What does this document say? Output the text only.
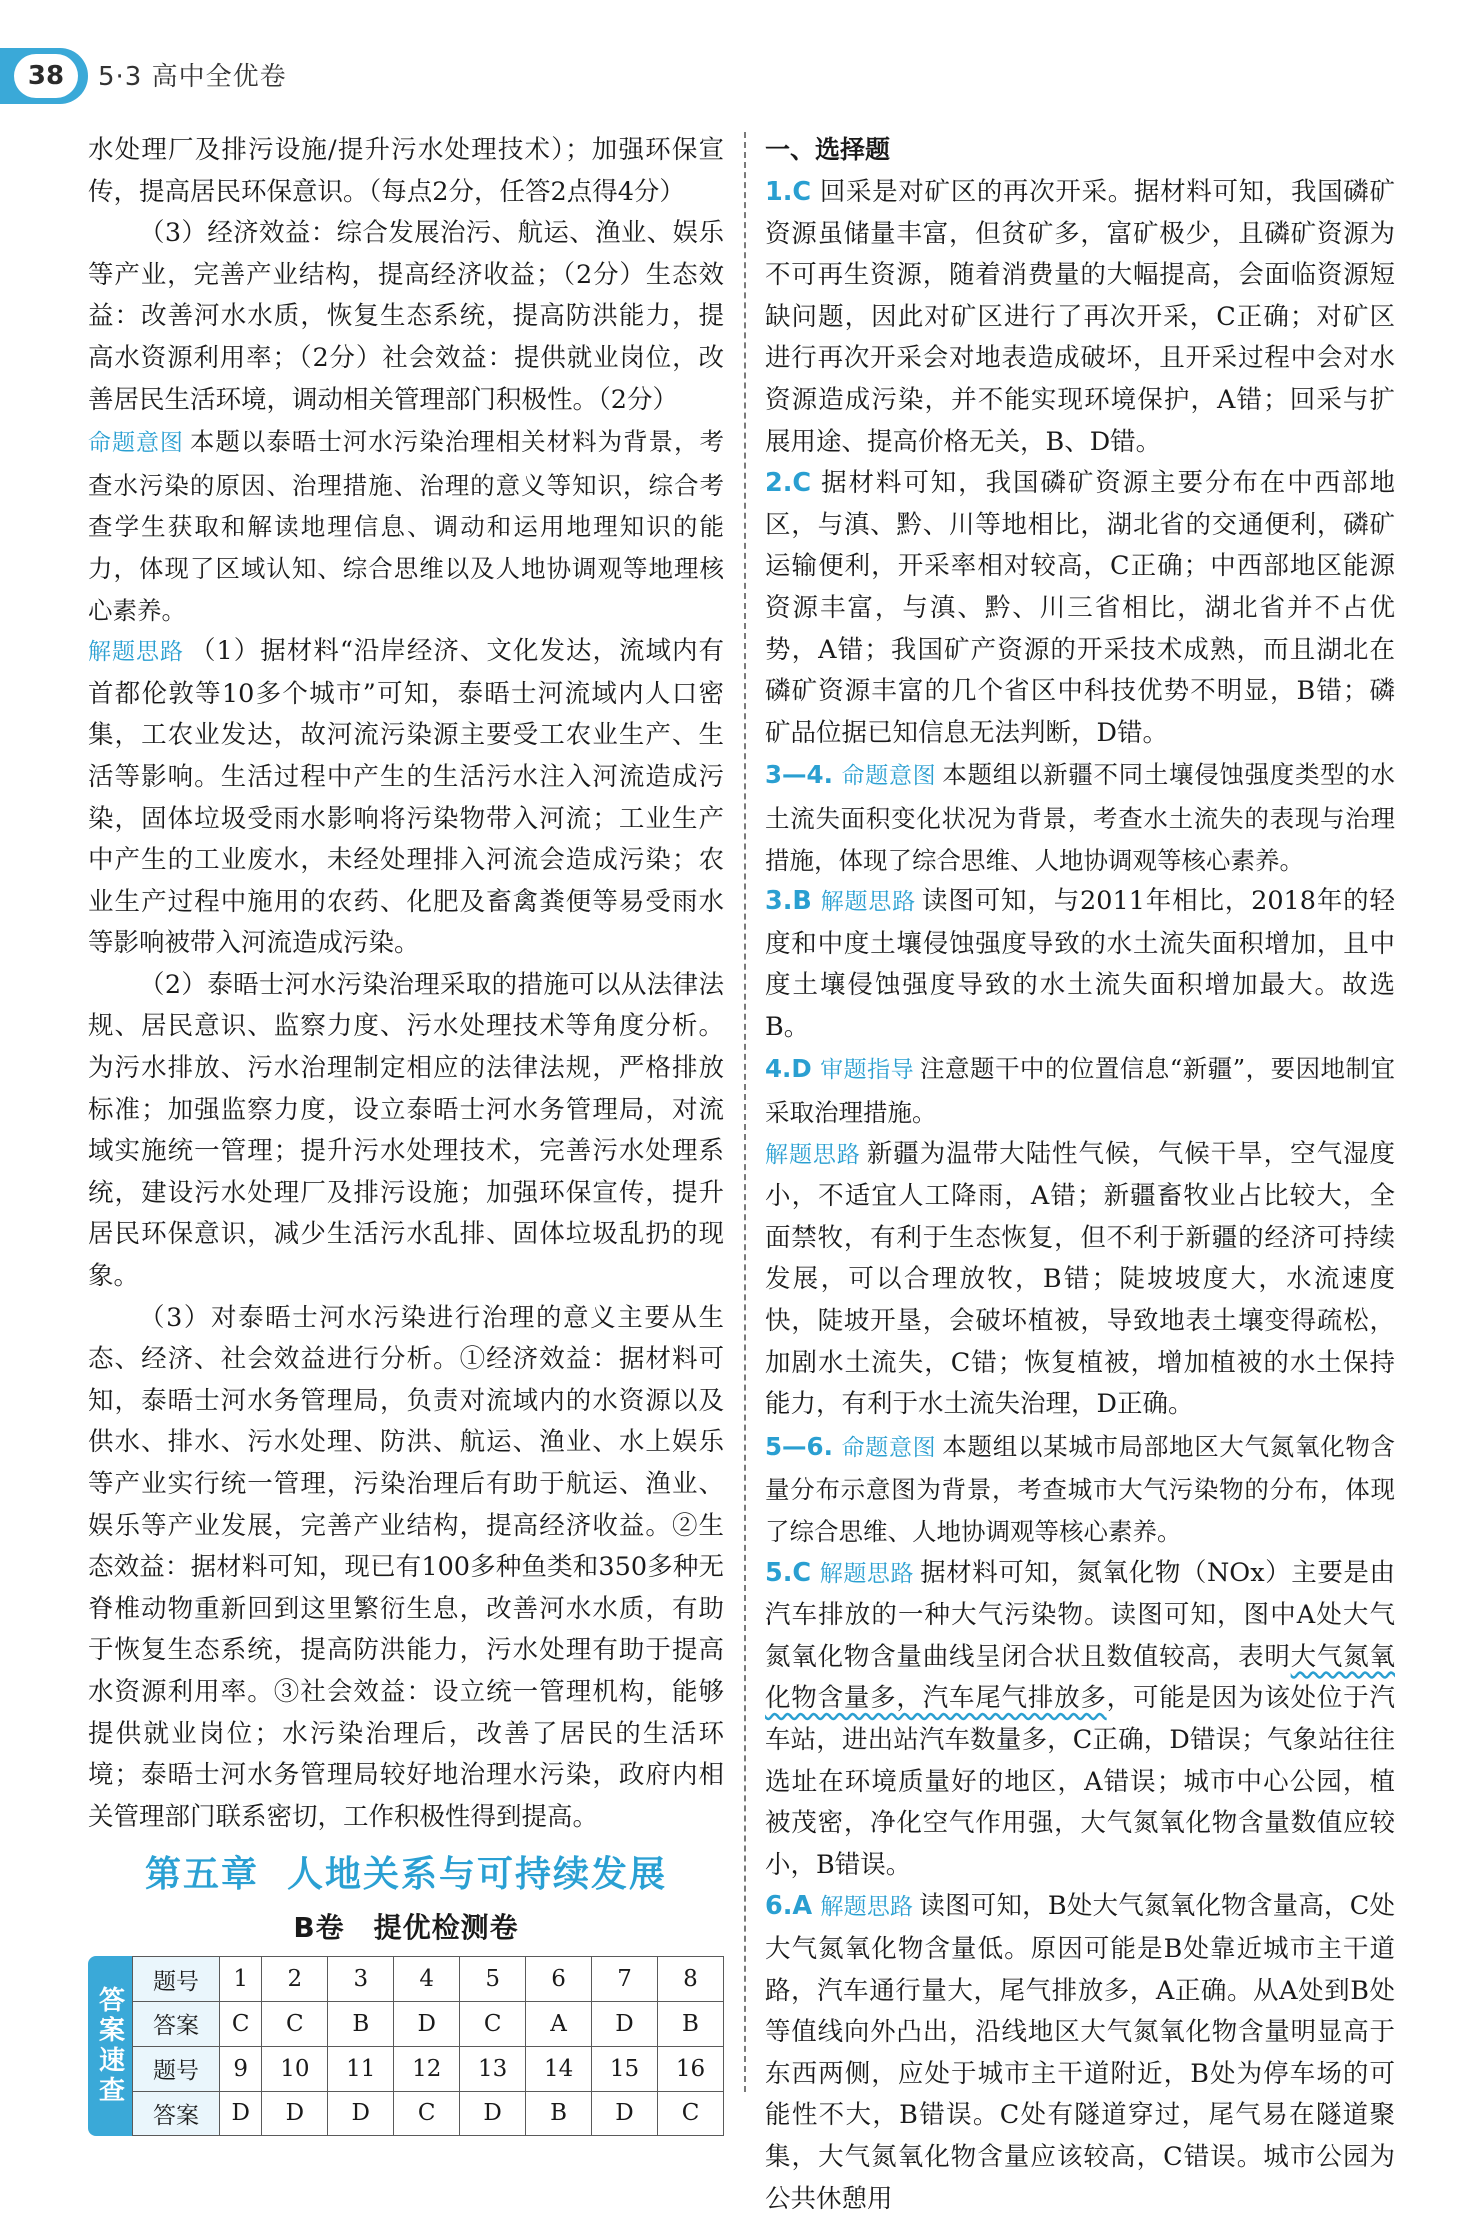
38	5·3 高中全优卷

水处理厂及排污设施/提升污水处理技术）；加强环保宣传，提高居民环保意识。（每点2分，任答2点得4分）

（3）经济效益：综合发展治污、航运、渔业、娱乐等产业，完善产业结构，提高经济收益；（2分）生态效益：改善河水水质，恢复生态系统，提高防洪能力，提高水资源利用率；（2分）社会效益：提供就业岗位，改善居民生活环境，调动相关管理部门积极性。（2分）

命题意图 本题以泰晤士河水污染治理相关材料为背景，考查水污染的原因、治理措施、治理的意义等知识，综合考查学生获取和解读地理信息、调动和运用地理知识的能力，体现了区域认知、综合思维以及人地协调观等地理核心素养。

解题思路 （1）据材料“沿岸经济、文化发达，流域内有首都伦敦等10多个城市”可知，泰晤士河流域内人口密集，工农业发达，故河流污染源主要受工农业生产、生活等影响。生活过程中产生的生活污水注入河流造成污染，固体垃圾受雨水影响将污染物带入河流；工业生产中产生的工业废水，未经处理排入河流会造成污染；农业生产过程中施用的农药、化肥及畜禽粪便等易受雨水等影响被带入河流造成污染。

（2）泰晤士河水污染治理采取的措施可以从法律法规、居民意识、监察力度、污水处理技术等角度分析。为污水排放、污水治理制定相应的法律法规，严格排放标准；加强监察力度，设立泰晤士河水务管理局，对流域实施统一管理；提升污水处理技术，完善污水处理系统，建设污水处理厂及排污设施；加强环保宣传，提升居民环保意识，减少生活污水乱排、固体垃圾乱扔的现象。

（3）对泰晤士河水污染进行治理的意义主要从生态、经济、社会效益进行分析。①经济效益：据材料可知，泰晤士河水务管理局，负责对流域内的水资源以及供水、排水、污水处理、防洪、航运、渔业、水上娱乐等产业实行统一管理，污染治理后有助于航运、渔业、娱乐等产业发展，完善产业结构，提高经济收益。②生态效益：据材料可知，现已有100多种鱼类和350多种无脊椎动物重新回到这里繁衍生息，改善河水水质，有助于恢复生态系统，提高防洪能力，污水处理有助于提高水资源利用率。③社会效益：设立统一管理机构，能够提供就业岗位；水污染治理后，改善了居民的生活环境；泰晤士河水务管理局较好地治理水污染，政府内相关管理部门联系密切，工作积极性得到提高。

第五章 人地关系与可持续发展
B卷　提优检测卷
答案速查
题号	1	2	3	4	5	6	7	8
答案	C	C	B	D	C	A	D	B
题号	9	10	11	12	13	14	15	16
答案	D	D	D	C	D	B	D	C
一、选择题

1.C 回采是对矿区的再次开采。据材料可知，我国磷矿资源虽储量丰富，但贫矿多，富矿极少，且磷矿资源为不可再生资源，随着消费量的大幅提高，会面临资源短缺问题，因此对矿区进行了再次开采，C正确；对矿区进行再次开采会对地表造成破坏，且开采过程中会对水资源造成污染，并不能实现环境保护，A错；回采与扩展用途、提高价格无关，B、D错。

2.C 据材料可知，我国磷矿资源主要分布在中西部地区，与滇、黔、川等地相比，湖北省的交通便利，磷矿运输便利，开采率相对较高，C正确；中西部地区能源资源丰富，与滇、黔、川三省相比，湖北省并不占优势，A错；我国矿产资源的开采技术成熟，而且湖北在磷矿资源丰富的几个省区中科技优势不明显，B错；磷矿品位据已知信息无法判断，D错。

3—4. 命题意图 本题组以新疆不同土壤侵蚀强度类型的水土流失面积变化状况为背景，考查水土流失的表现与治理措施，体现了综合思维、人地协调观等核心素养。

3.B 解题思路 读图可知，与2011年相比，2018年的轻度和中度土壤侵蚀强度导致的水土流失面积增加，且中度土壤侵蚀强度导致的水土流失面积增加最大。故选B。

4.D 审题指导 注意题干中的位置信息“新疆”，要因地制宜采取治理措施。

解题思路 新疆为温带大陆性气候，气候干旱，空气湿度小，不适宜人工降雨，A错；新疆畜牧业占比较大，全面禁牧，有利于生态恢复，但不利于新疆的经济可持续发展，可以合理放牧，B错；陡坡坡度大，水流速度快，陡坡开垦，会破坏植被，导致地表土壤变得疏松，加剧水土流失，C错；恢复植被，增加植被的水土保持能力，有利于水土流失治理，D正确。

5—6. 命题意图 本题组以某城市局部地区大气氮氧化物含量分布示意图为背景，考查城市大气污染物的分布，体现了综合思维、人地协调观等核心素养。

5.C 解题思路 据材料可知，氮氧化物（NOx）主要是由汽车排放的一种大气污染物。读图可知，图中A处大气氮氧化物含量曲线呈闭合状且数值较高，表明大气氮氧化物含量多，汽车尾气排放多，可能是因为该处位于汽车站，进出站汽车数量多，C正确，D错误；气象站往往选址在环境质量好的地区，A错误；城市中心公园，植被茂密，净化空气作用强，大气氮氧化物含量数值应较小，B错误。

6.A 解题思路 读图可知，B处大气氮氧化物含量高，C处大气氮氧化物含量低。原因可能是B处靠近城市主干道路，汽车通行量大，尾气排放多，A正确。从A处到B处等值线向外凸出，沿线地区大气氮氧化物含量明显高于东西两侧，应处于城市主干道附近，B处为停车场的可能性不大，B错误。C处有隧道穿过，尾气易在隧道聚集，大气氮氧化物含量应该较高，C错误。城市公园为公共休憩用
